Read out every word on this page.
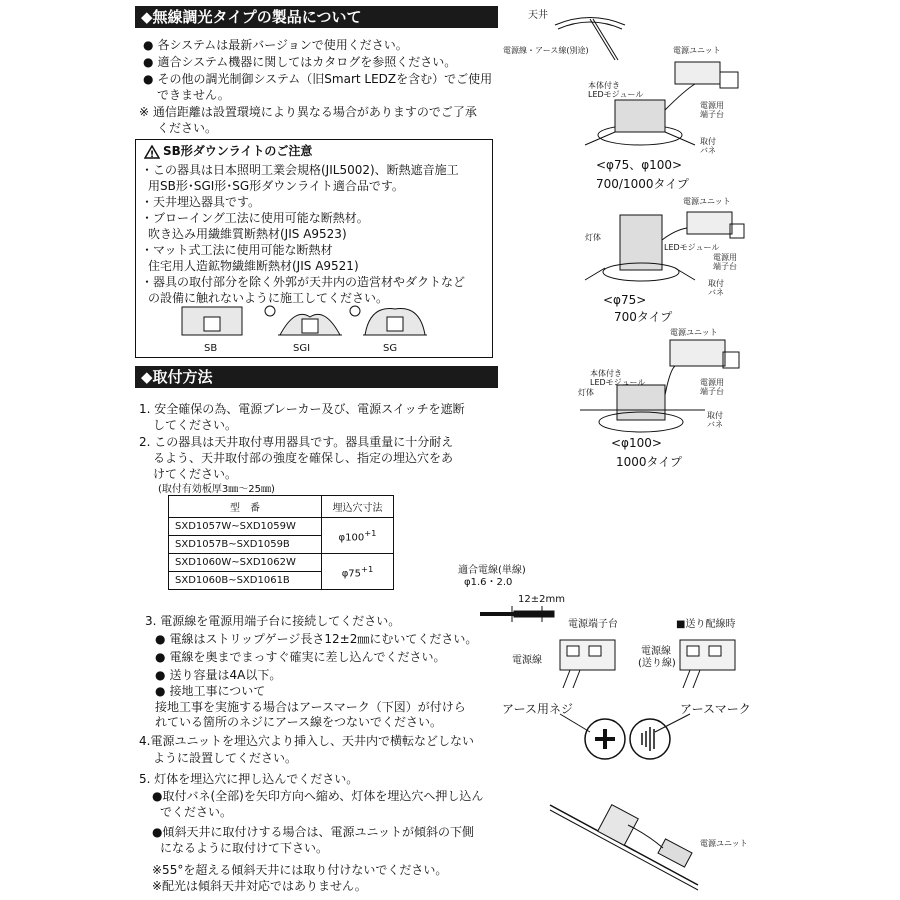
◆無線調光タイプの製品について
● 各システムは最新バージョンで使用ください。
● 適合システム機器に関してはカタログを参照ください。
● その他の調光制御システム（旧Smart LEDZを含む）でご使用
できません。
※ 通信距離は設置環境により異なる場合がありますのでご了承
ください。
! SB形ダウンライトのご注意
・この器具は日本照明工業会規格(JIL5002)、断熱遮音施工
用SB形･SGI形･SG形ダウンライト適合品です。
・天井埋込器具です。
・ブローイング工法に使用可能な断熱材。
吹き込み用繊維質断熱材(JIS A9523)
・マット式工法に使用可能な断熱材
住宅用人造鉱物繊維断熱材(JIS A9521)
・器具の取付部分を除く外郭が天井内の造営材やダクトなど
の設備に触れないように施工してください。
SB	SGI	SG
◆取付方法
1. 安全確保の為、電源ブレーカー及び、電源スイッチを遮断
してください。
2. この器具は天井取付専用器具です。器具重量に十分耐え
るよう、天井取付部の強度を確保し、指定の埋込穴をあ
けてください。
(取付有効板厚3㎜〜25㎜)
型　番	埋込穴寸法
SXD1057W~SXD1059W	$\varphi 100^{+1}$
SXD1057B~SXD1059B	
SXD1060W~SXD1062W	$\varphi 75^{+1}$
SXD1060B~SXD1061B	
3. 電源線を電源用端子台に接続してください。
● 電線はストリップゲージ長さ12±2㎜にむいてください。
● 電線を奥までまっすぐ確実に差し込んでください。
● 送り容量は4A以下。
● 接地工事について
接地工事を実施する場合はアースマーク（下図）が付けら
れている箇所のネジにアース線をつないでください。
4.電源ユニットを埋込穴より挿入し、天井内で横転などしない
ように設置してください。
5. 灯体を埋込穴に押し込んでください。
●取付バネ(全部)を矢印方向へ縮め、灯体を埋込穴へ押し込ん
でください。
●傾斜天井に取付けする場合は、電源ユニットが傾斜の下側
になるように取付けて下さい。
※55°を超える傾斜天井には取り付けないでください。
※配光は傾斜天井対応ではありません。
天井
電源線・アース線(別途)	電源ユニット
本体付き
LEDモジュール
電源用
端子台
取付
バネ
<φ75、φ100>
700/1000タイプ
電源ユニット
灯体
LEDモジュール
電源用
端子台
取付
バネ
<φ75>
700タイプ
電源ユニット
本体付き
LEDモジュール
灯体
電源用
端子台
取付
バネ
<φ100>
1000タイプ
適合電線(単線)
φ1.6・2.0
12±2mm
電源端子台
電源線
■送り配線時
電源線
(送り線)
アース用ネジ	アースマーク
電源ユニット
